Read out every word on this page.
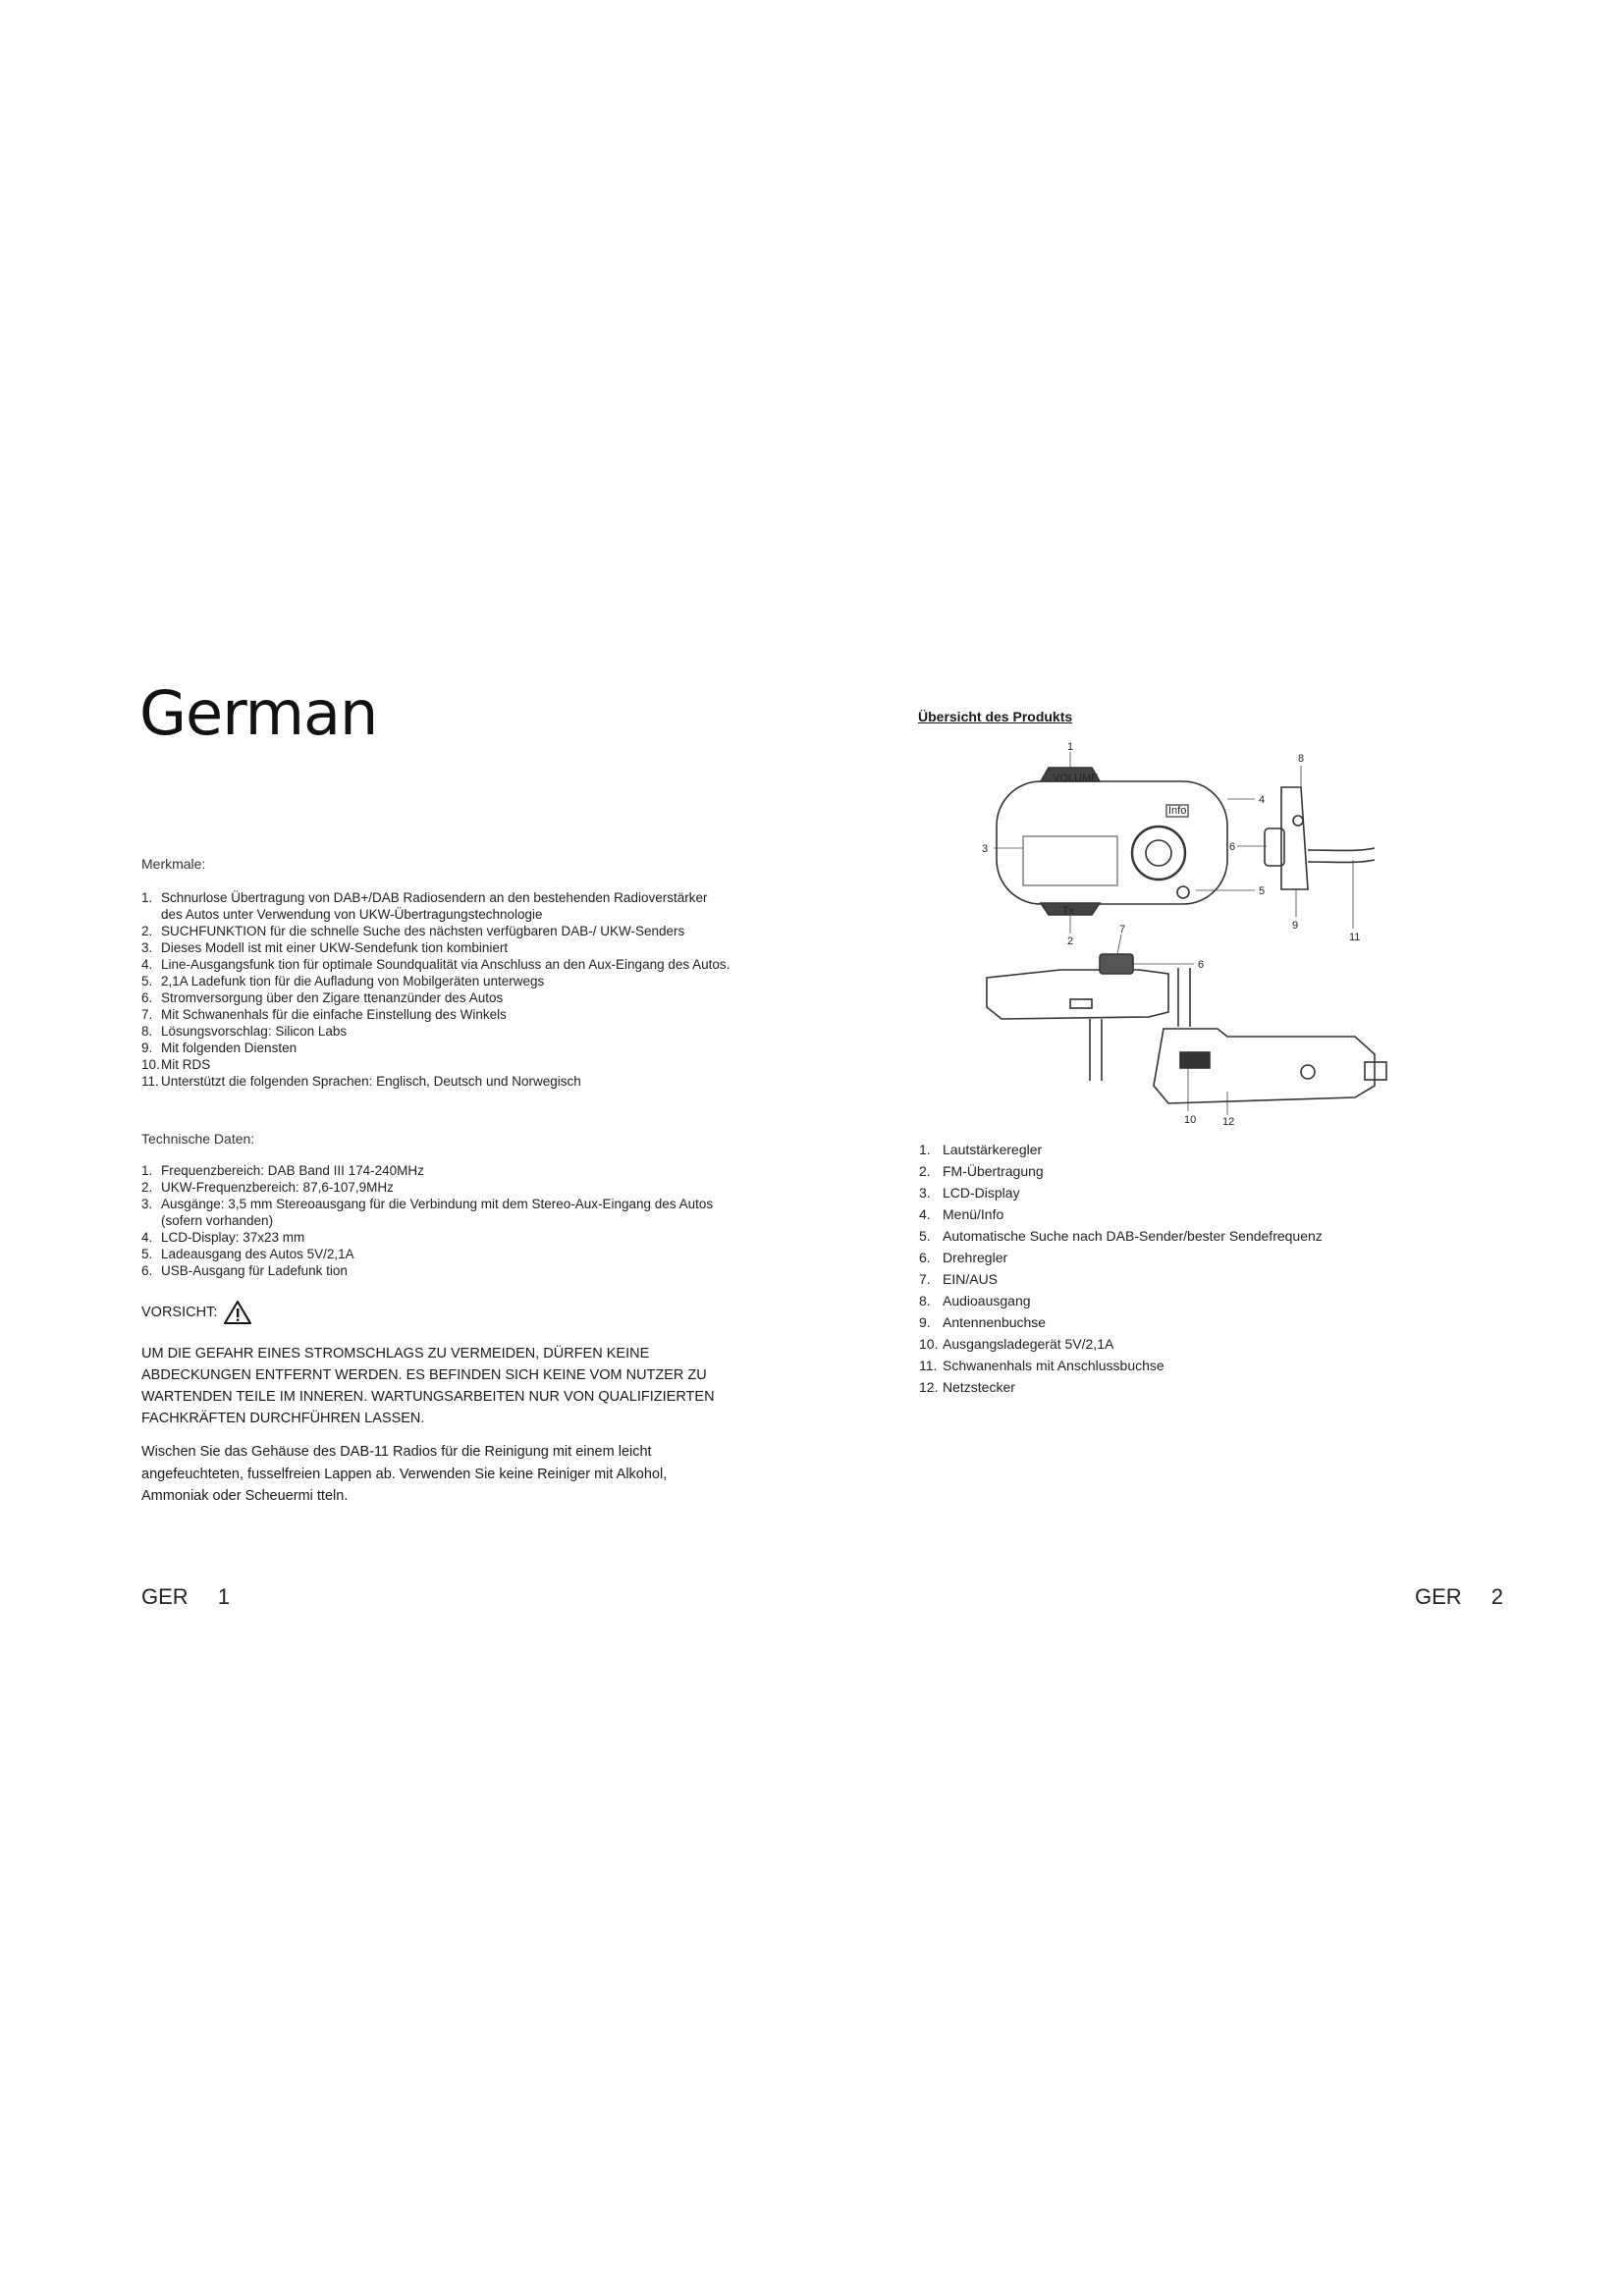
German
Merkmale:
1. Schnurlose Übertragung von DAB+/DAB Radiosendern an den bestehenden Radioverstärker des Autos unter Verwendung von UKW-Übertragungstechnologie
2. SUCHFUNKTION für die schnelle Suche des nächsten verfügbaren DAB-/ UKW-Senders
3. Dieses Modell ist mit einer UKW-Sendefunk tion kombiniert
4. Line-Ausgangsfunk tion für optimale Soundqualität via Anschluss an den Aux-Eingang des Autos.
5. 2,1A Ladefunk tion für die Aufladung von Mobilgeräten unterwegs
6. Stromversorgung über den Zigare ttenanzünder des Autos
7. Mit Schwanenhals für die einfache Einstellung des Winkels
8. Lösungsvorschlag: Silicon Labs
9. Mit folgenden Diensten
10. Mit RDS
11. Unterstützt die folgenden Sprachen: Englisch, Deutsch und Norwegisch
Technische Daten:
1. Frequenzbereich: DAB Band III 174-240MHz
2. UKW-Frequenzbereich: 87,6-107,9MHz
3. Ausgänge: 3,5 mm Stereoausgang für die Verbindung mit dem Stereo-Aux-Eingang des Autos (sofern vorhanden)
4. LCD-Display: 37x23 mm
5. Ladeausgang des Autos 5V/2,1A
6. USB-Ausgang für Ladefunk tion
VORSICHT:
UM DIE GEFAHR EINES STROMSCHLAGS ZU VERMEIDEN, DÜRFEN KEINE ABDECKUNGEN ENTFERNT WERDEN. ES BEFINDEN SICH KEINE VOM NUTZER ZU WARTENDEN TEILE IM INNEREN. WARTUNGSARBEITEN NUR VON QUALIFIZIERTEN FACHKRÄFTEN DURCHFÜHREN LASSEN.
Wischen Sie das Gehäuse des DAB-11 Radios für die Reinigung mit einem leicht angefeuchteten, fusselfreien Lappen ab. Verwenden Sie keine Reiniger mit Alkohol, Ammoniak oder Scheuermi tteln.
GER 1
Übersicht des Produkts
VOLUME
Tx
Info
1
2
3
4
5
6
6
7
8
9
10
11
12
1. Lautstärkeregler
2. FM-Übertragung
3. LCD-Display
4. Menü/Info
5. Automatische Suche nach DAB-Sender/bester Sendefrequenz
6. Drehregler
7. EIN/AUS
8. Audioausgang
9. Antennenbuchse
10. Ausgangsladegerät 5V/2,1A
11. Schwanenhals mit Anschlussbuchse
12. Netzstecker
GER 2
